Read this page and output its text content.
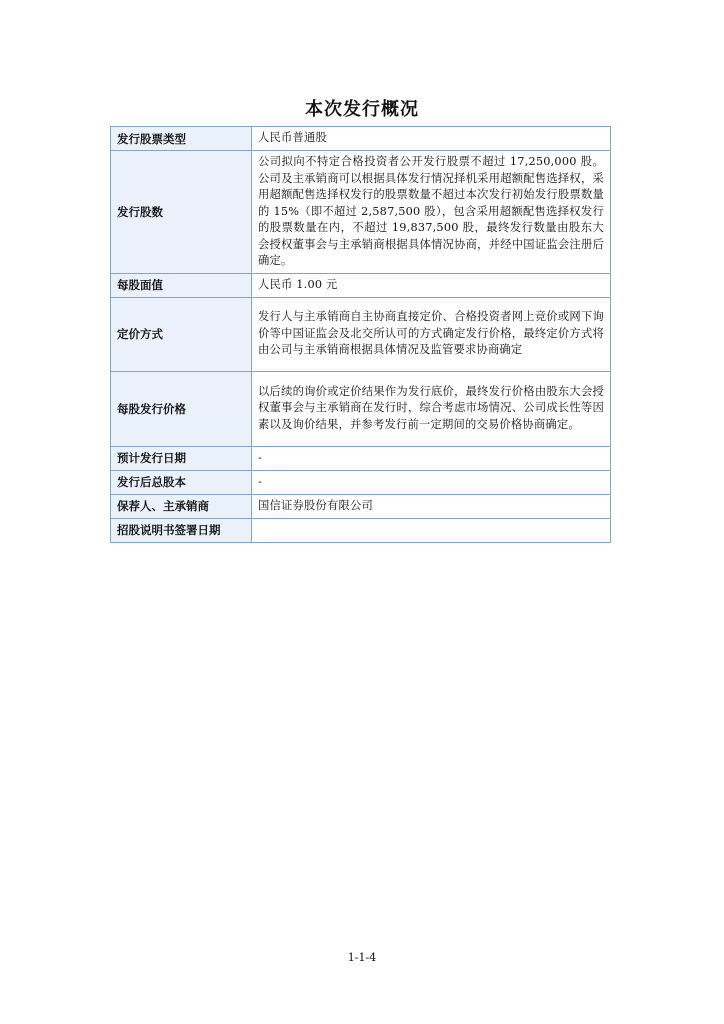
本次发行概况
发行股票类型	人民币普通股
发行股数	公司拟向不特定合格投资者公开发行股票不超过 17,250,000 股。公司及主承销商可以根据具体发行情况择机采用超额配售选择权，采用超额配售选择权发行的股票数量不超过本次发行初始发行股票数量的 15%（即不超过 2,587,500 股），包含采用超额配售选择权发行的股票数量在内，不超过 19,837,500 股，最终发行数量由股东大会授权董事会与主承销商根据具体情况协商，并经中国证监会注册后确定。
每股面值	人民币 1.00 元
定价方式	发行人与主承销商自主协商直接定价、合格投资者网上竞价或网下询价等中国证监会及北交所认可的方式确定发行价格，最终定价方式将由公司与主承销商根据具体情况及监管要求协商确定
每股发行价格	以后续的询价或定价结果作为发行底价，最终发行价格由股东大会授权董事会与主承销商在发行时，综合考虑市场情况、公司成长性等因素以及询价结果，并参考发行前一定期间的交易价格协商确定。
预计发行日期	-
发行后总股本	-
保荐人、主承销商	国信证券股份有限公司
招股说明书签署日期	
1-1-4
